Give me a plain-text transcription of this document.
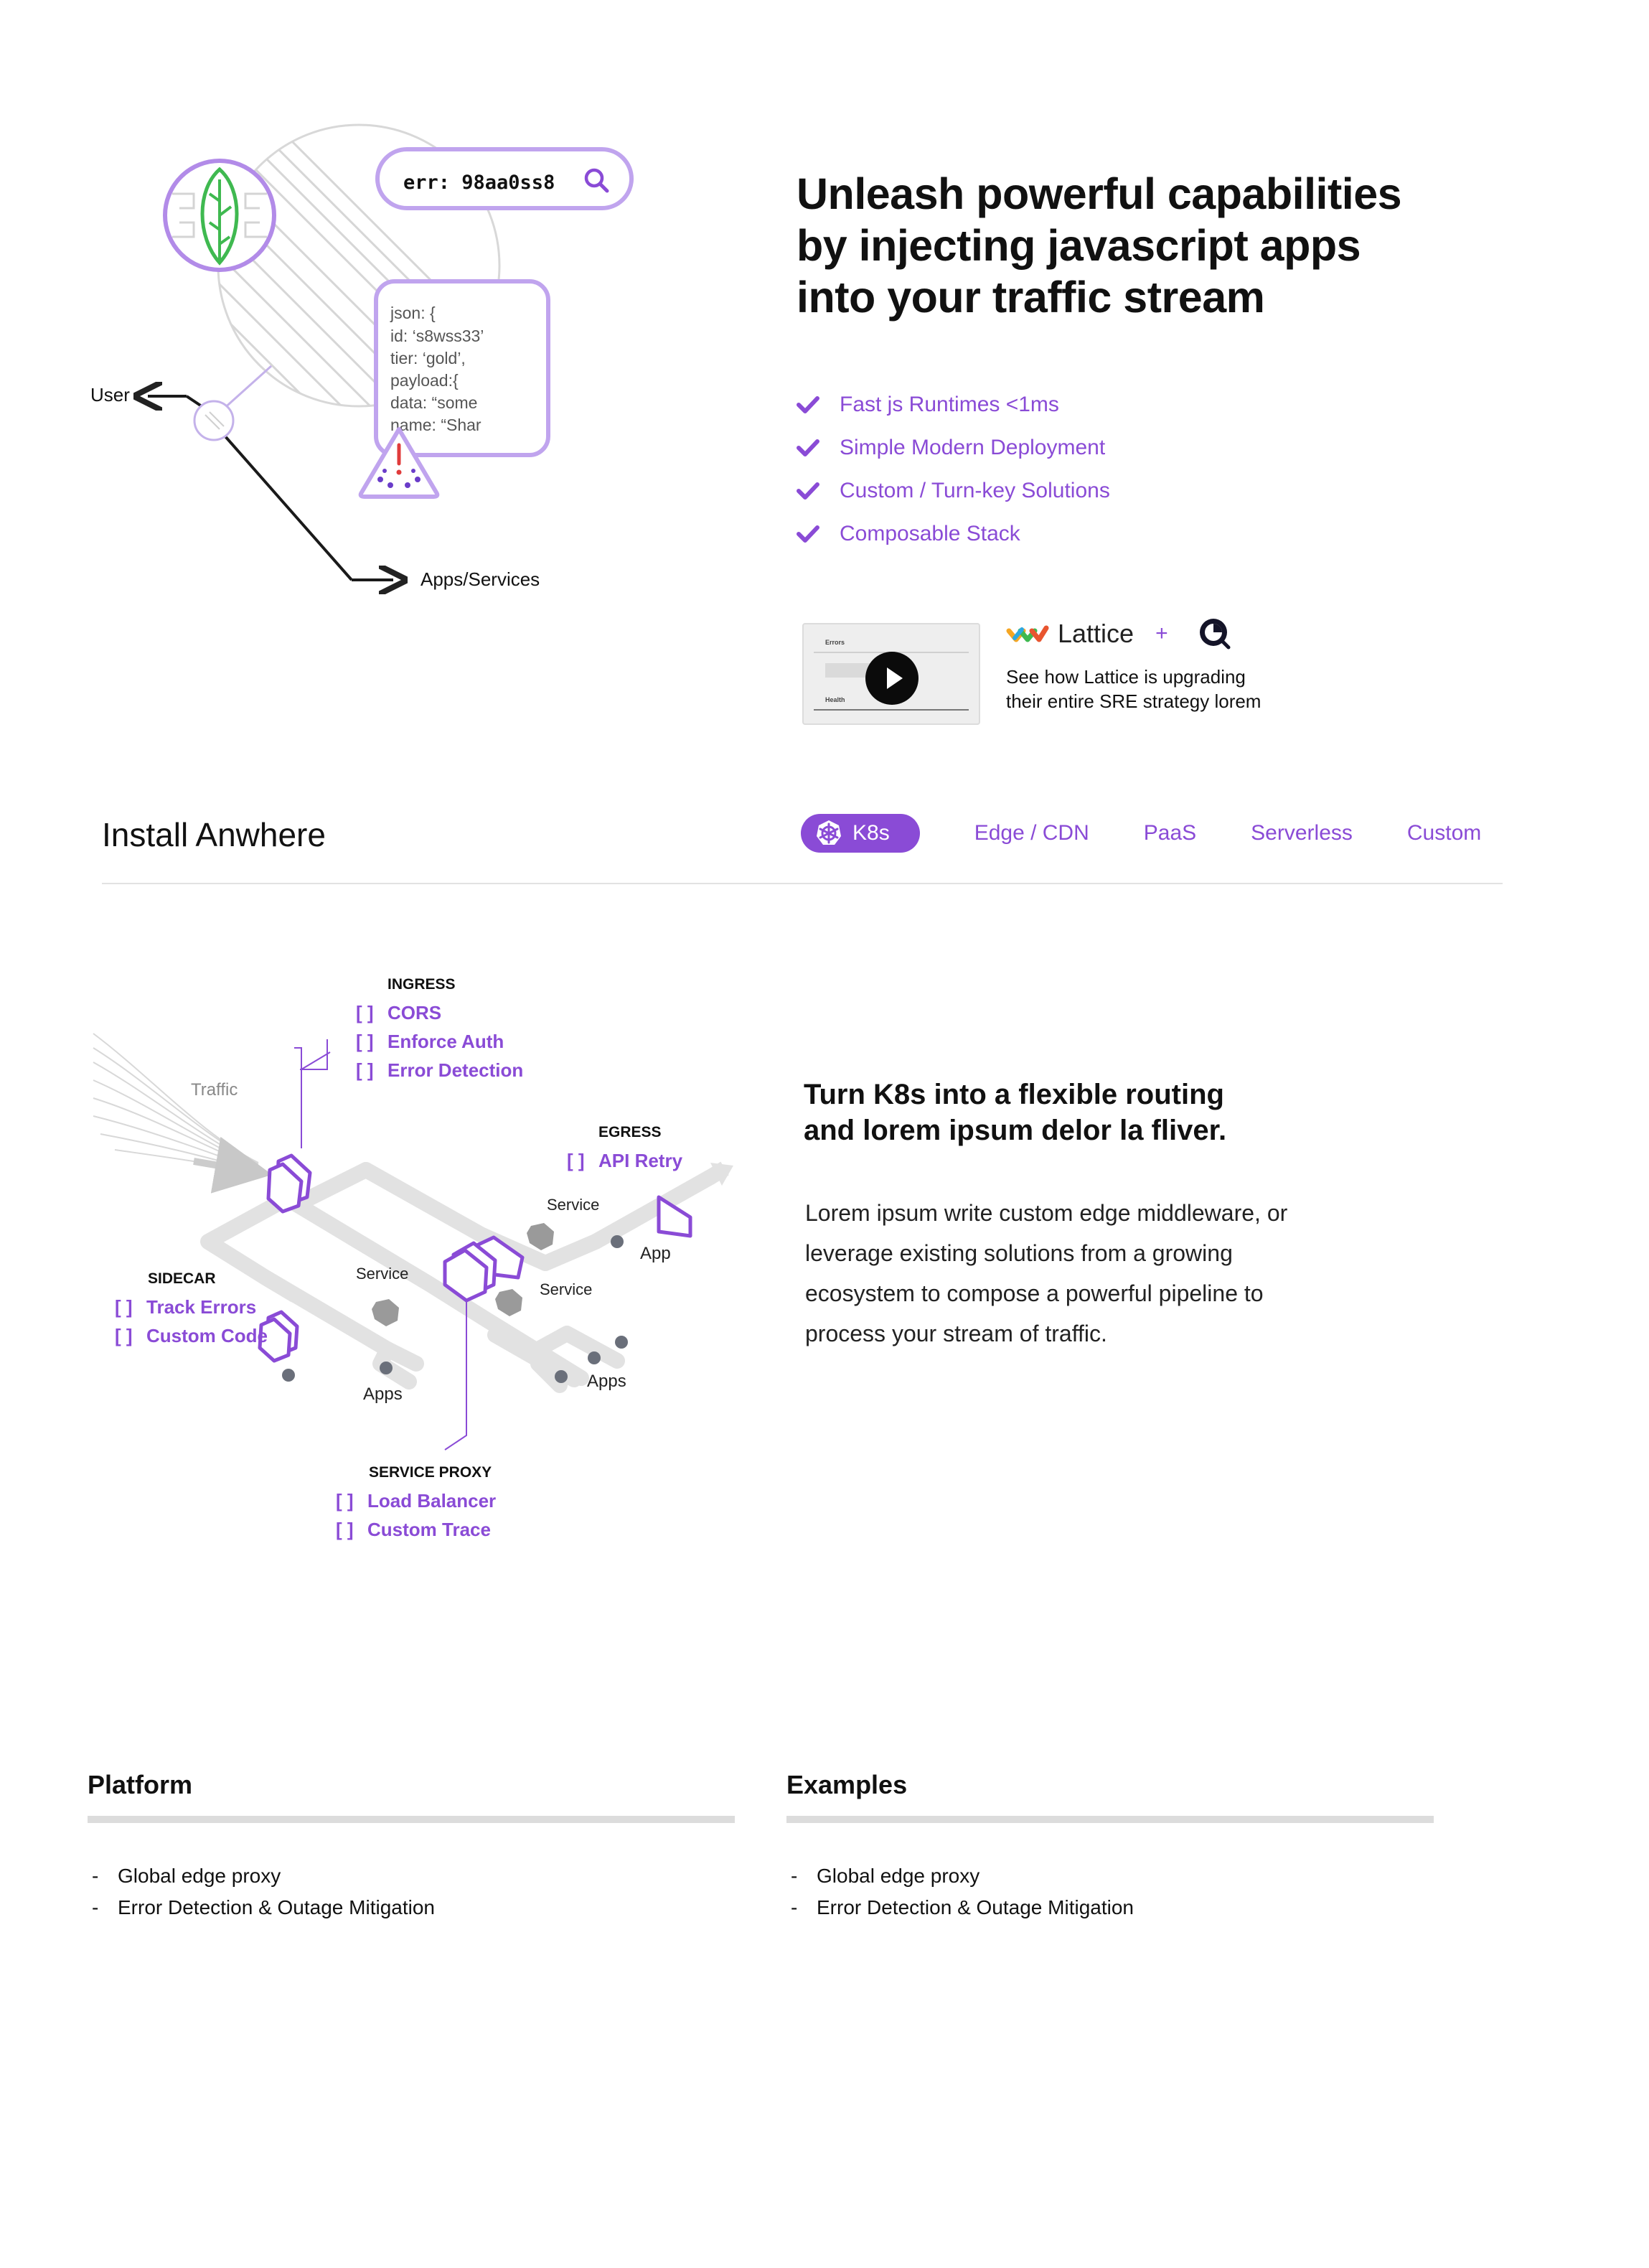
err: 98aa0ss8
json: {
id: ‘s8wss33’
tier: ‘gold’,
payload:{
data: “some
name: “Shar
User
Apps/Services
Unleash powerful capabilities
by injecting javascript apps
into your traffic stream
Fast js Runtimes <1ms
Simple Modern Deployment
Custom / Turn-key Solutions
Composable Stack
Errors
Health
Lattice +
See how Lattice is upgrading
their entire SRE strategy lorem
Install Anwhere	K8s	Edge / CDN	PaaS	Serverless	Custom
Traffic
INGRESS
[ ] CORS
[ ] Enforce Auth
[ ] Error Detection
EGRESS
[ ] API Retry
SIDECAR
[ ] Track Errors
[ ] Custom Code
SERVICE PROXY
[ ] Load Balancer
[ ] Custom Trace
Service
App
Service
Service
Apps
Apps
Turn K8s into a flexible routing
and lorem ipsum delor la fliver.
Lorem ipsum write custom edge middleware, or
leverage existing solutions from a growing
ecosystem to compose a powerful pipeline to
process your stream of traffic.
Platform
- Global edge proxy
- Error Detection & Outage Mitigation
Examples
- Global edge proxy
- Error Detection & Outage Mitigation
